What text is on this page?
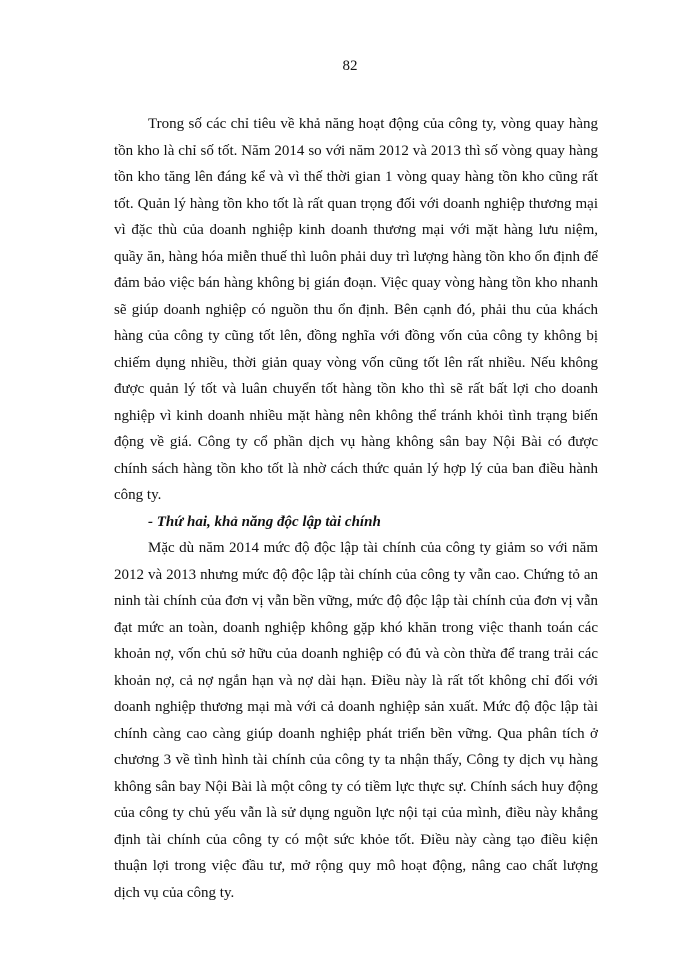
82

Trong số các chỉ tiêu về khả năng hoạt động của công ty, vòng quay hàng tồn kho là chỉ số tốt. Năm 2014 so với năm 2012 và 2013 thì số vòng quay hàng tồn kho tăng lên đáng kể và vì thế thời gian 1 vòng quay hàng tồn kho cũng rất tốt. Quản lý hàng tồn kho tốt là rất quan trọng đối với doanh nghiệp thương mại vì đặc thù của doanh nghiệp kinh doanh thương mại với mặt hàng lưu niệm, quầy ăn, hàng hóa miễn thuế thì luôn phải duy trì lượng hàng tồn kho ổn định để đảm bảo việc bán hàng không bị gián đoạn. Việc quay vòng hàng tồn kho nhanh sẽ giúp doanh nghiệp có nguồn thu ổn định. Bên cạnh đó, phải thu của khách hàng của công ty cũng tốt lên, đồng nghĩa với đồng vốn của công ty không bị chiếm dụng nhiều, thời giản quay vòng vốn cũng tốt lên rất nhiều. Nếu không được quản lý tốt và luân chuyển tốt hàng tồn kho thì sẽ rất bất lợi cho doanh nghiệp vì kinh doanh nhiều mặt hàng nên không thể tránh khỏi tình trạng biến động về giá. Công ty cổ phần dịch vụ hàng không sân bay Nội Bài có được chính sách hàng tồn kho tốt là nhờ cách thức quản lý hợp lý của ban điều hành công ty.

- Thứ hai, khả năng độc lập tài chính

Mặc dù năm 2014 mức độ độc lập tài chính của công ty giảm so với năm 2012 và 2013 nhưng mức độ độc lập tài chính của công ty vẫn cao. Chứng tỏ an ninh tài chính của đơn vị vẫn bền vững, mức độ độc lập tài chính của đơn vị vẫn đạt mức an toàn, doanh nghiệp không gặp khó khăn trong việc thanh toán các khoản nợ, vốn chủ sở hữu của doanh nghiệp có đủ và còn thừa để trang trải các khoản nợ, cả nợ ngắn hạn và nợ dài hạn. Điều này là rất tốt không chỉ đối với doanh nghiệp thương mại mà với cả doanh nghiệp sản xuất. Mức độ độc lập tài chính càng cao càng giúp doanh nghiệp phát triển bền vững. Qua phân tích ở chương 3 về tình hình tài chính của công ty ta nhận thấy, Công ty dịch vụ hàng không sân bay Nội Bài là một công ty có tiềm lực thực sự. Chính sách huy động của công ty chủ yếu vẫn là sử dụng nguồn lực nội tại của mình, điều này khẳng định tài chính của công ty có một sức khỏe tốt. Điều này càng tạo điều kiện thuận lợi trong việc đầu tư, mở rộng quy mô hoạt động, nâng cao chất lượng dịch vụ của công ty.
